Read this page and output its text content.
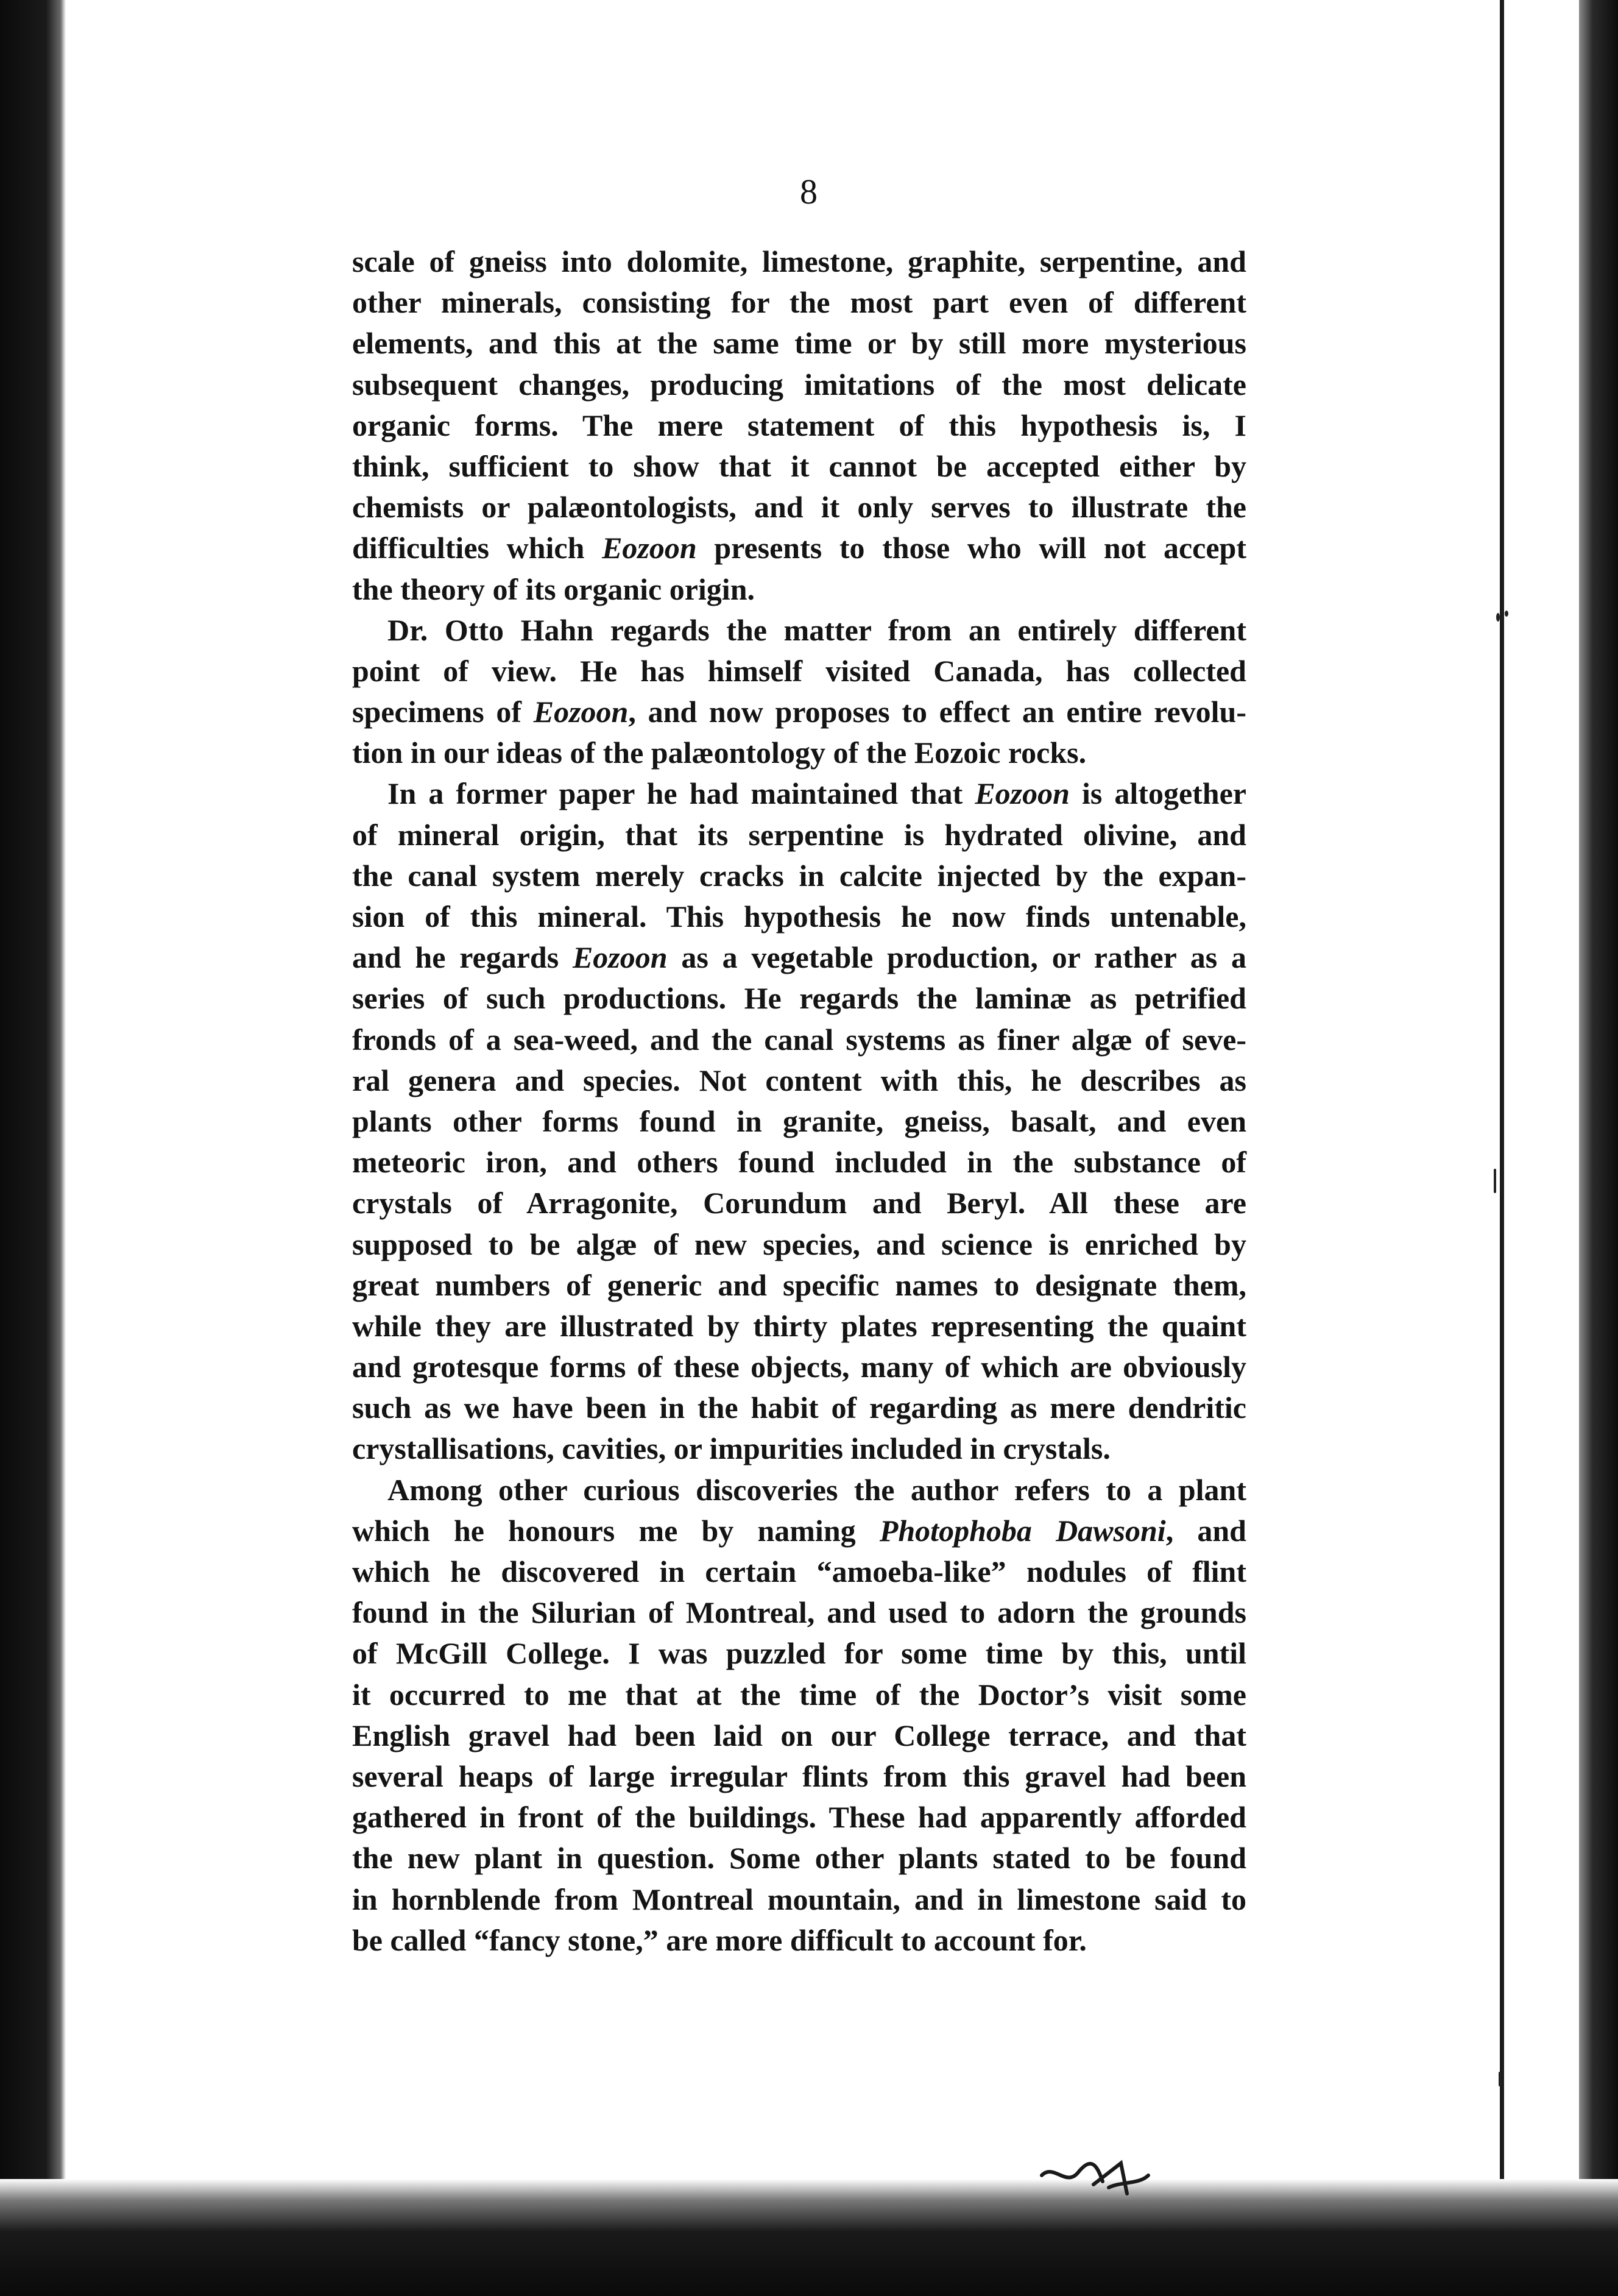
8

scale of gneiss into dolomite, limestone, graphite, serpentine, and
other minerals, consisting for the most part even of different
elements, and this at the same time or by still more mysterious
subsequent changes, producing imitations of the most delicate
organic forms. The mere statement of this hypothesis is, I
think, sufficient to show that it cannot be accepted either by
chemists or palæontologists, and it only serves to illustrate the
difficulties which Eozoon presents to those who will not accept
the theory of its organic origin.

Dr. Otto Hahn regards the matter from an entirely different
point of view. He has himself visited Canada, has collected
specimens of Eozoon, and now proposes to effect an entire revolu-
tion in our ideas of the palæontology of the Eozoic rocks.

In a former paper he had maintained that Eozoon is altogether
of mineral origin, that its serpentine is hydrated olivine, and
the canal system merely cracks in calcite injected by the expan-
sion of this mineral. This hypothesis he now finds untenable,
and he regards Eozoon as a vegetable production, or rather as a
series of such productions. He regards the laminæ as petrified
fronds of a sea-weed, and the canal systems as finer algæ of seve-
ral genera and species. Not content with this, he describes as
plants other forms found in granite, gneiss, basalt, and even
meteoric iron, and others found included in the substance of
crystals of Arragonite, Corundum and Beryl. All these are
supposed to be algæ of new species, and science is enriched by
great numbers of generic and specific names to designate them,
while they are illustrated by thirty plates representing the quaint
and grotesque forms of these objects, many of which are obviously
such as we have been in the habit of regarding as mere dendritic
crystallisations, cavities, or impurities included in crystals.

Among other curious discoveries the author refers to a plant
which he honours me by naming Photophoba Dawsoni, and
which he discovered in certain “amoeba-like” nodules of flint
found in the Silurian of Montreal, and used to adorn the grounds
of McGill College. I was puzzled for some time by this, until
it occurred to me that at the time of the Doctor’s visit some
English gravel had been laid on our College terrace, and that
several heaps of large irregular flints from this gravel had been
gathered in front of the buildings. These had apparently afforded
the new plant in question. Some other plants stated to be found
in hornblende from Montreal mountain, and in limestone said to
be called “fancy stone,” are more difficult to account for.
